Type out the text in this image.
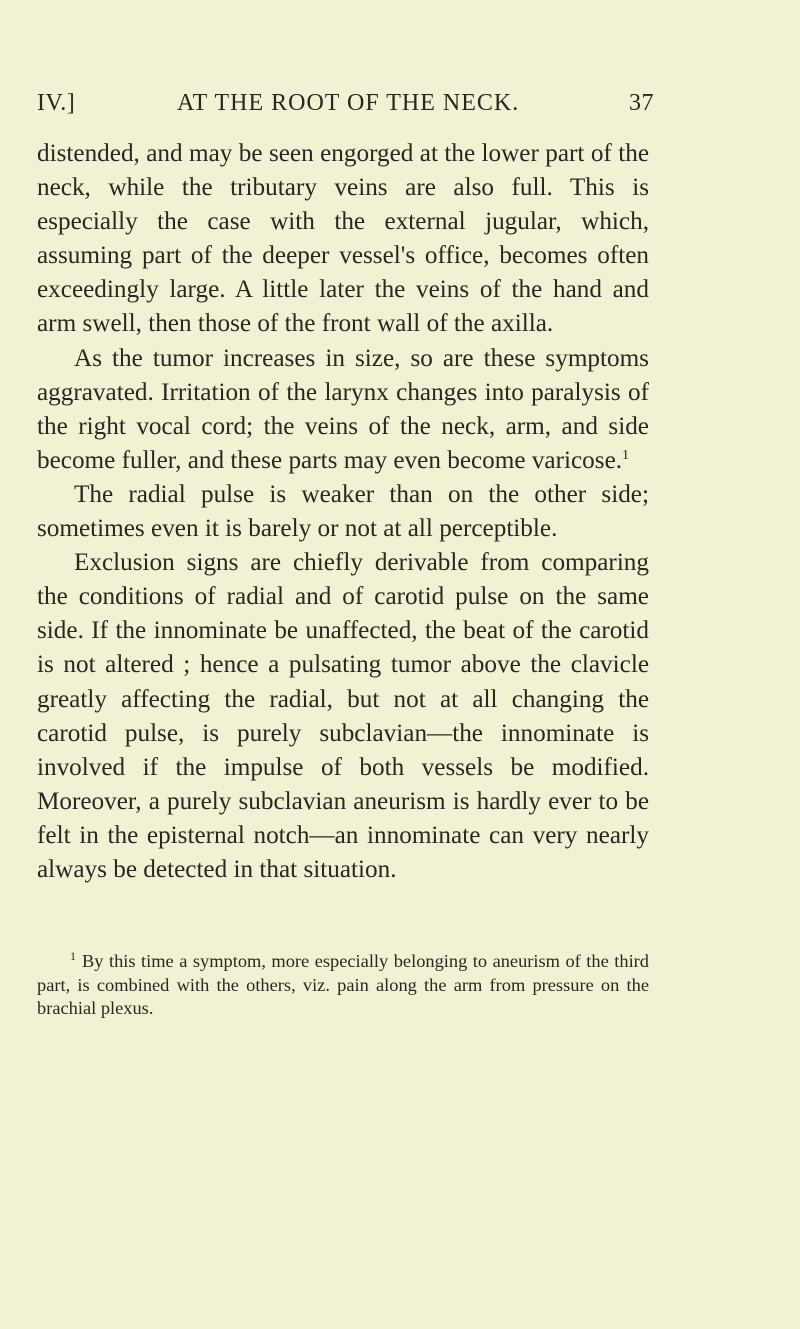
IV.]	AT THE ROOT OF THE NECK.	37

distended, and may be seen engorged at the lower part of the neck, while the tributary veins are also full. This is especially the case with the external jugular, which, assuming part of the deeper vessel's office, becomes often exceedingly large. A little later the veins of the hand and arm swell, then those of the front wall of the axilla.

As the tumor increases in size, so are these symptoms aggravated. Irritation of the larynx changes into paralysis of the right vocal cord; the veins of the neck, arm, and side become fuller, and these parts may even become varicose.$^1$

The radial pulse is weaker than on the other side; sometimes even it is barely or not at all perceptible.

Exclusion signs are chiefly derivable from comparing the conditions of radial and of carotid pulse on the same side. If the innominate be unaffected, the beat of the carotid is not altered ; hence a pulsating tumor above the clavicle greatly affecting the radial, but not at all changing the carotid pulse, is purely subclavian—the innominate is involved if the impulse of both vessels be modified. Moreover, a purely subclavian aneurism is hardly ever to be felt in the episternal notch—an innominate can very nearly always be detected in that situation.

$^1$ By this time a symptom, more especially belonging to aneurism of the third part, is combined with the others, viz. pain along the arm from pressure on the brachial plexus.
